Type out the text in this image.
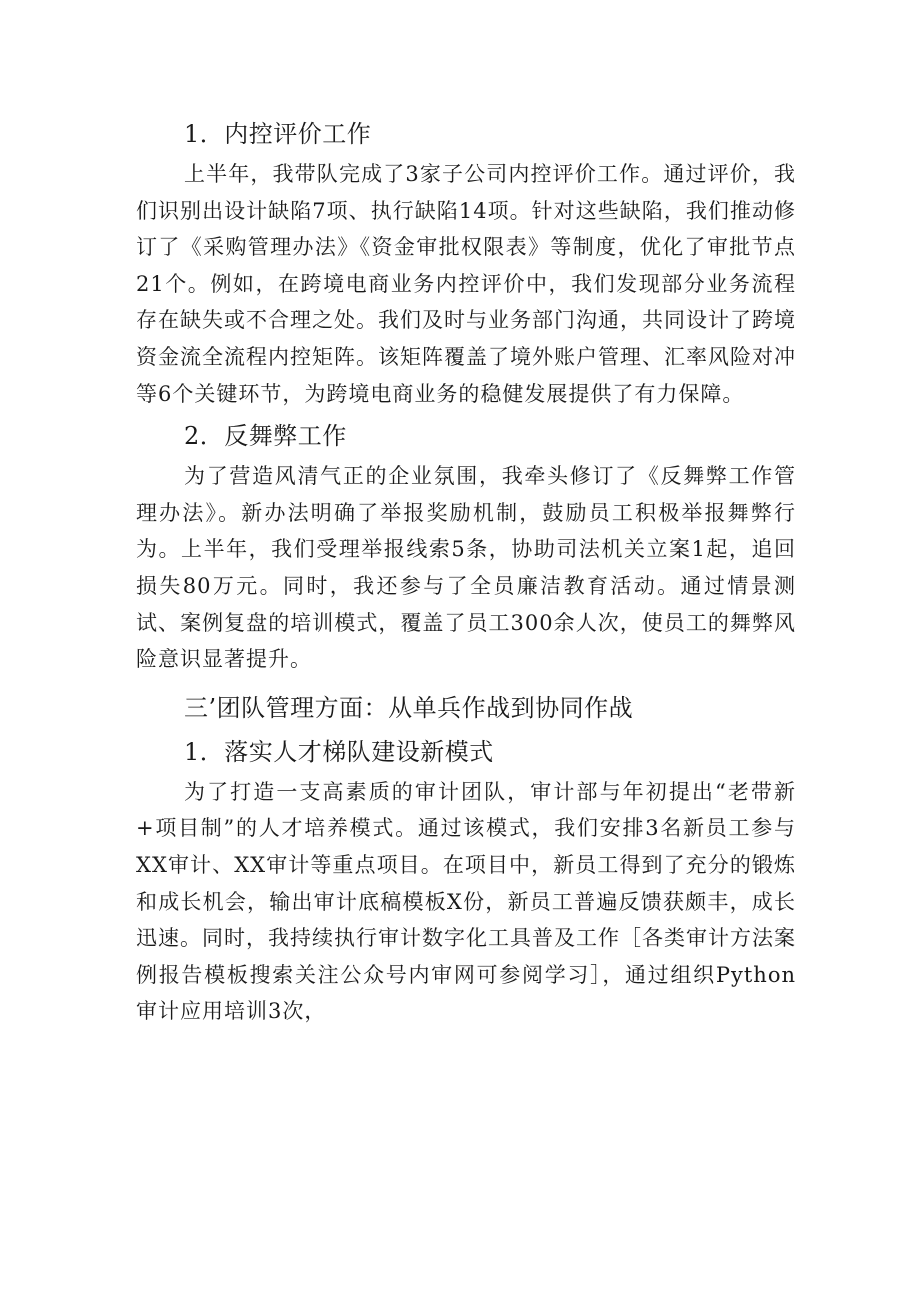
1．内控评价工作

上半年，我带队完成了3家子公司内控评价工作。通过评价，我们识别出设计缺陷7项、执行缺陷14项。针对这些缺陷，我们推动修订了《采购管理办法》《资金审批权限表》等制度，优化了审批节点21个。例如，在跨境电商业务内控评价中，我们发现部分业务流程存在缺失或不合理之处。我们及时与业务部门沟通，共同设计了跨境资金流全流程内控矩阵。该矩阵覆盖了境外账户管理、汇率风险对冲等6个关键环节，为跨境电商业务的稳健发展提供了有力保障。

2．反舞弊工作

为了营造风清气正的企业氛围，我牵头修订了《反舞弊工作管理办法》。新办法明确了举报奖励机制，鼓励员工积极举报舞弊行为。上半年，我们受理举报线索5条，协助司法机关立案1起，追回损失80万元。同时，我还参与了全员廉洁教育活动。通过情景测试、案例复盘的培训模式，覆盖了员工300余人次，使员工的舞弊风险意识显著提升。

三’团队管理方面：从单兵作战到协同作战
1．落实人才梯队建设新模式

为了打造一支高素质的审计团队，审计部与年初提出“老带新+项目制”的人才培养模式。通过该模式，我们安排3名新员工参与XX审计、XX审计等重点项目。在项目中，新员工得到了充分的锻炼和成长机会，输出审计底稿模板X份，新员工普遍反馈获颇丰，成长迅速。同时，我持续执行审计数字化工具普及工作［各类审计方法案例报告模板搜索关注公众号内审网可参阅学习］，通过组织Python审计应用培训3次，
